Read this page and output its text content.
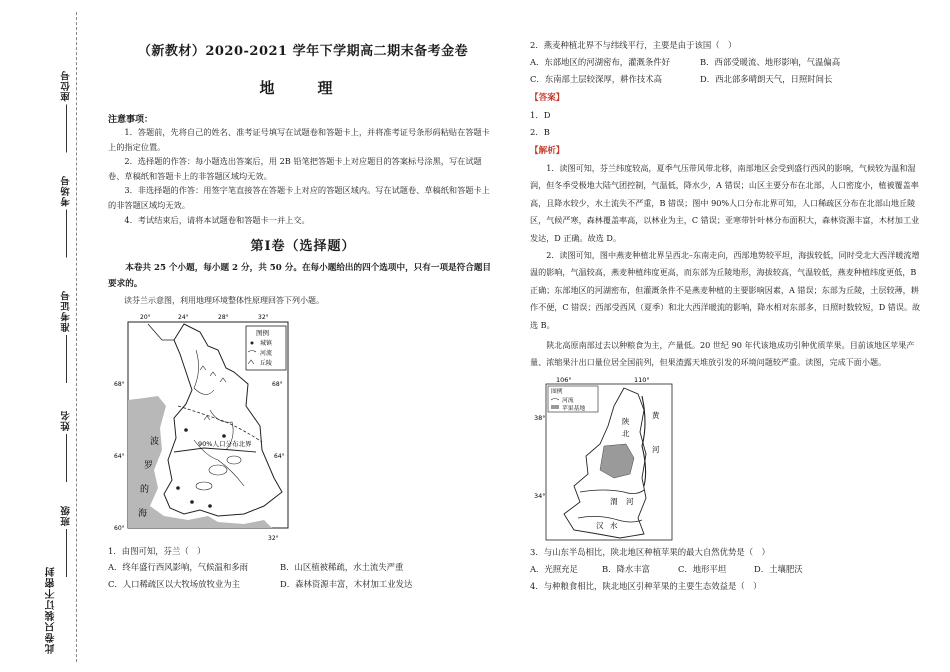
座位号
考场号
准考证号
姓名
班级
此卷只装订不密封
（新教材）2020-2021 学年下学期高二期末备考金卷
地　理
注意事项：
1．答题前，先将自己的姓名、准考证号填写在试题卷和答题卡上，并将准考证号条形码粘贴在答题卡上的指定位置。
2．选择题的作答：每小题选出答案后，用 2B 铅笔把答题卡上对应题目的答案标号涂黑，写在试题卷、草稿纸和答题卡上的非答题区域均无效。
3．非选择题的作答：用签字笔直接答在答题卡上对应的答题区域内。写在试题卷、草稿纸和答题卡上的非答题区域均无效。
4．考试结束后，请将本试题卷和答题卡一并上交。
第Ⅰ卷（选择题）
本卷共 25 个小题，每小题 2 分，共 50 分。在每小题给出的四个选项中，只有一项是符合题目要求的。
读芬兰示意图，利用地理环境整体性原理回答下列小题。
90%人口分布北界
波
罗
的
海
图例
城镇
河流
丘陵
20°	24°	28°	32°
32°
68°
64°
60°
68°
64°
1．由图可知，芬兰（　）
A．终年盛行西风影响，气候温和多雨	B．山区植被稀疏，水土流失严重
C．人口稀疏区以大牧场放牧业为主	D．森林资源丰富，木材加工业发达
2．燕麦种植北界不与纬线平行，主要是由于该国（　）
A．东部地区的河湖密布，灌溉条件好	B．西部受暖流、地形影响，气温偏高
C．东南部土层较深厚，耕作技术高	D．西北部多晴朗天气，日照时间长
【答案】
1．D
2．B
【解析】
1．读图可知，芬兰纬度较高，夏季气压带风带北移，南部地区会受到盛行西风的影响，气候较为温和湿润，但冬季受极地大陆气团控制，气温低，降水少，A 错误；山区主要分布在北部，人口密度小，植被覆盖率高，且降水较少，水土流失不严重，B 错误；图中 90%人口分布北界可知，人口稀疏区分布在北部山地丘陵区，气候严寒，森林覆盖率高，以林业为主，C 错误；亚寒带针叶林分布面积大，森林资源丰富，木材加工业发达，D 正确。故选 D。
2．读图可知，图中燕麦种植北界呈西北–东南走向，西部地势较平坦，海拔较低，同时受北大西洋暖流增温的影响，气温较高，燕麦种植纬度更高，而东部为丘陵地形，海拔较高，气温较低，燕麦种植纬度更低，B 正确；东部地区的河湖密布，但灌溉条件不是燕麦种植的主要影响因素，A 错误；东部为丘陵，土层较薄，耕作不便，C 错误；西部受西风（夏季）和北大西洋暖流的影响，降水相对东部多，日照时数较短，D 错误。故选 B。
陕北高原南部过去以种粮食为主，产量低。20 世纪 90 年代该地成功引种优质苹果。目前该地区苹果产量、浓缩果汁出口量位居全国前列，但果渣露天堆放引发的环境问题较严重。读图，完成下面小题。
106°	110°
38°
34°
图例
河流
苹果基地
陕
北
黄
河
渭 河
汉 水
3．与山东半岛相比，陕北地区种植苹果的最大自然优势是（　）
A．光照充足	B．降水丰富	C．地形平坦	D．土壤肥沃
4．与种粮食相比，陕北地区引种苹果的主要生态效益是（　）
